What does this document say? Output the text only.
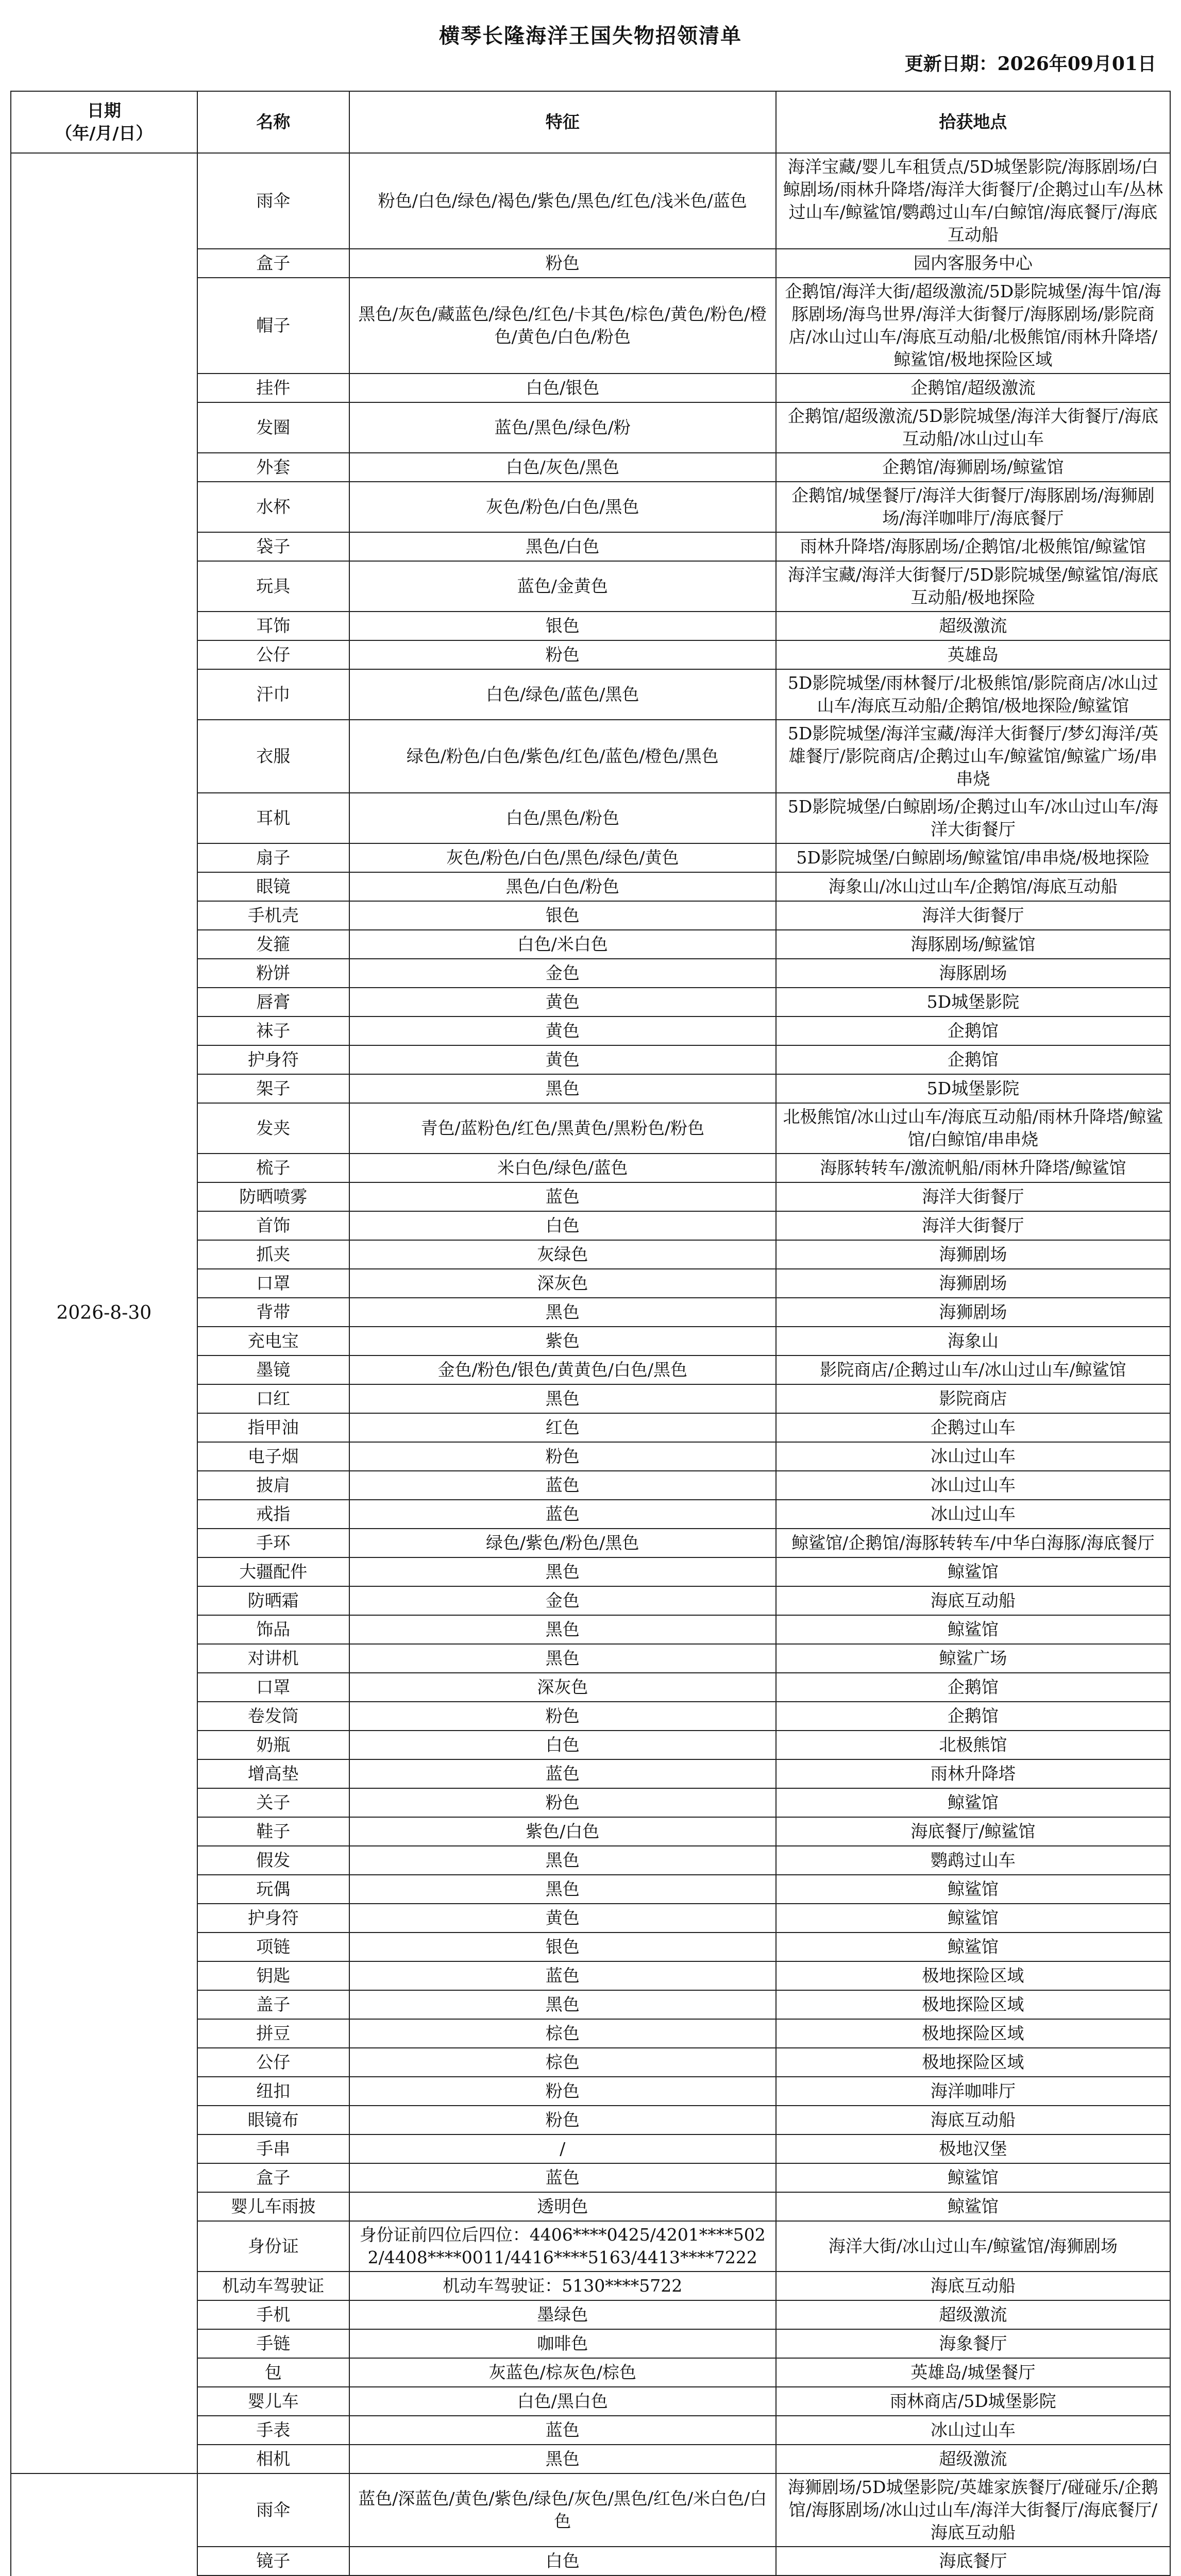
横琴长隆海洋王国失物招领清单
更新日期：2026年09月01日
日期
（年/月/日）	名称	特征	拾获地点
2026-8-30	雨伞	粉色/白色/绿色/褐色/紫色/黑色/红色/浅米色/蓝色	海洋宝藏/婴儿车租赁点/5D城堡影院/海豚剧场/白鲸剧场/雨林升降塔/海洋大街餐厅/企鹅过山车/丛林过山车/鲸鲨馆/鹦鹉过山车/白鲸馆/海底餐厅/海底互动船
	盒子	粉色	园内客服务中心
	帽子	黑色/灰色/藏蓝色/绿色/红色/卡其色/棕色/黄色/粉色/橙色/黄色/白色/粉色	企鹅馆/海洋大街/超级激流/5D影院城堡/海牛馆/海豚剧场/海鸟世界/海洋大街餐厅/海豚剧场/影院商店/冰山过山车/海底互动船/北极熊馆/雨林升降塔/鲸鲨馆/极地探险区域
	挂件	白色/银色	企鹅馆/超级激流
	发圈	蓝色/黑色/绿色/粉	企鹅馆/超级激流/5D影院城堡/海洋大街餐厅/海底互动船/冰山过山车
	外套	白色/灰色/黑色	企鹅馆/海狮剧场/鲸鲨馆
	水杯	灰色/粉色/白色/黑色	企鹅馆/城堡餐厅/海洋大街餐厅/海豚剧场/海狮剧场/海洋咖啡厅/海底餐厅
	袋子	黑色/白色	雨林升降塔/海豚剧场/企鹅馆/北极熊馆/鲸鲨馆
	玩具	蓝色/金黄色	海洋宝藏/海洋大街餐厅/5D影院城堡/鲸鲨馆/海底互动船/极地探险
	耳饰	银色	超级激流
	公仔	粉色	英雄岛
	汗巾	白色/绿色/蓝色/黑色	5D影院城堡/雨林餐厅/北极熊馆/影院商店/冰山过山车/海底互动船/企鹅馆/极地探险/鲸鲨馆
	衣服	绿色/粉色/白色/紫色/红色/蓝色/橙色/黑色	5D影院城堡/海洋宝藏/海洋大街餐厅/梦幻海洋/英雄餐厅/影院商店/企鹅过山车/鲸鲨馆/鲸鲨广场/串串烧
	耳机	白色/黑色/粉色	5D影院城堡/白鲸剧场/企鹅过山车/冰山过山车/海洋大街餐厅
	扇子	灰色/粉色/白色/黑色/绿色/黄色	5D影院城堡/白鲸剧场/鲸鲨馆/串串烧/极地探险
	眼镜	黑色/白色/粉色	海象山/冰山过山车/企鹅馆/海底互动船
	手机壳	银色	海洋大街餐厅
	发箍	白色/米白色	海豚剧场/鲸鲨馆
	粉饼	金色	海豚剧场
	唇膏	黄色	5D城堡影院
	袜子	黄色	企鹅馆
	护身符	黄色	企鹅馆
	架子	黑色	5D城堡影院
	发夹	青色/蓝粉色/红色/黑黄色/黑粉色/粉色	北极熊馆/冰山过山车/海底互动船/雨林升降塔/鲸鲨馆/白鲸馆/串串烧
	梳子	米白色/绿色/蓝色	海豚转转车/激流帆船/雨林升降塔/鲸鲨馆
	防晒喷雾	蓝色	海洋大街餐厅
	首饰	白色	海洋大街餐厅
	抓夹	灰绿色	海狮剧场
	口罩	深灰色	海狮剧场
	背带	黑色	海狮剧场
	充电宝	紫色	海象山
	墨镜	金色/粉色/银色/黄黄色/白色/黑色	影院商店/企鹅过山车/冰山过山车/鲸鲨馆
	口红	黑色	影院商店
	指甲油	红色	企鹅过山车
	电子烟	粉色	冰山过山车
	披肩	蓝色	冰山过山车
	戒指	蓝色	冰山过山车
	手环	绿色/紫色/粉色/黑色	鲸鲨馆/企鹅馆/海豚转转车/中华白海豚/海底餐厅
	大疆配件	黑色	鲸鲨馆
	防晒霜	金色	海底互动船
	饰品	黑色	鲸鲨馆
	对讲机	黑色	鲸鲨广场
	口罩	深灰色	企鹅馆
	卷发筒	粉色	企鹅馆
	奶瓶	白色	北极熊馆
	增高垫	蓝色	雨林升降塔
	关子	粉色	鲸鲨馆
	鞋子	紫色/白色	海底餐厅/鲸鲨馆
	假发	黑色	鹦鹉过山车
	玩偶	黑色	鲸鲨馆
	护身符	黄色	鲸鲨馆
	项链	银色	鲸鲨馆
	钥匙	蓝色	极地探险区域
	盖子	黑色	极地探险区域
	拼豆	棕色	极地探险区域
	公仔	棕色	极地探险区域
	纽扣	粉色	海洋咖啡厅
	眼镜布	粉色	海底互动船
	手串	/	极地汉堡
	盒子	蓝色	鲸鲨馆
	婴儿车雨披	透明色	鲸鲨馆
	身份证	身份证前四位后四位：4406****0425/4201****5022/4408****0011/4416****5163/4413****7222	海洋大街/冰山过山车/鲸鲨馆/海狮剧场
	机动车驾驶证	机动车驾驶证：5130****5722	海底互动船
	手机	墨绿色	超级激流
	手链	咖啡色	海象餐厅
	包	灰蓝色/棕灰色/棕色	英雄岛/城堡餐厅
	婴儿车	白色/黑白色	雨林商店/5D城堡影院
	手表	蓝色	冰山过山车
	相机	黑色	超级激流
	雨伞	蓝色/深蓝色/黄色/紫色/绿色/灰色/黑色/红色/米白色/白色	海狮剧场/5D城堡影院/英雄家族餐厅/碰碰乐/企鹅馆/海豚剧场/冰山过山车/海洋大街餐厅/海底餐厅/海底互动船
	镜子	白色	海底餐厅
